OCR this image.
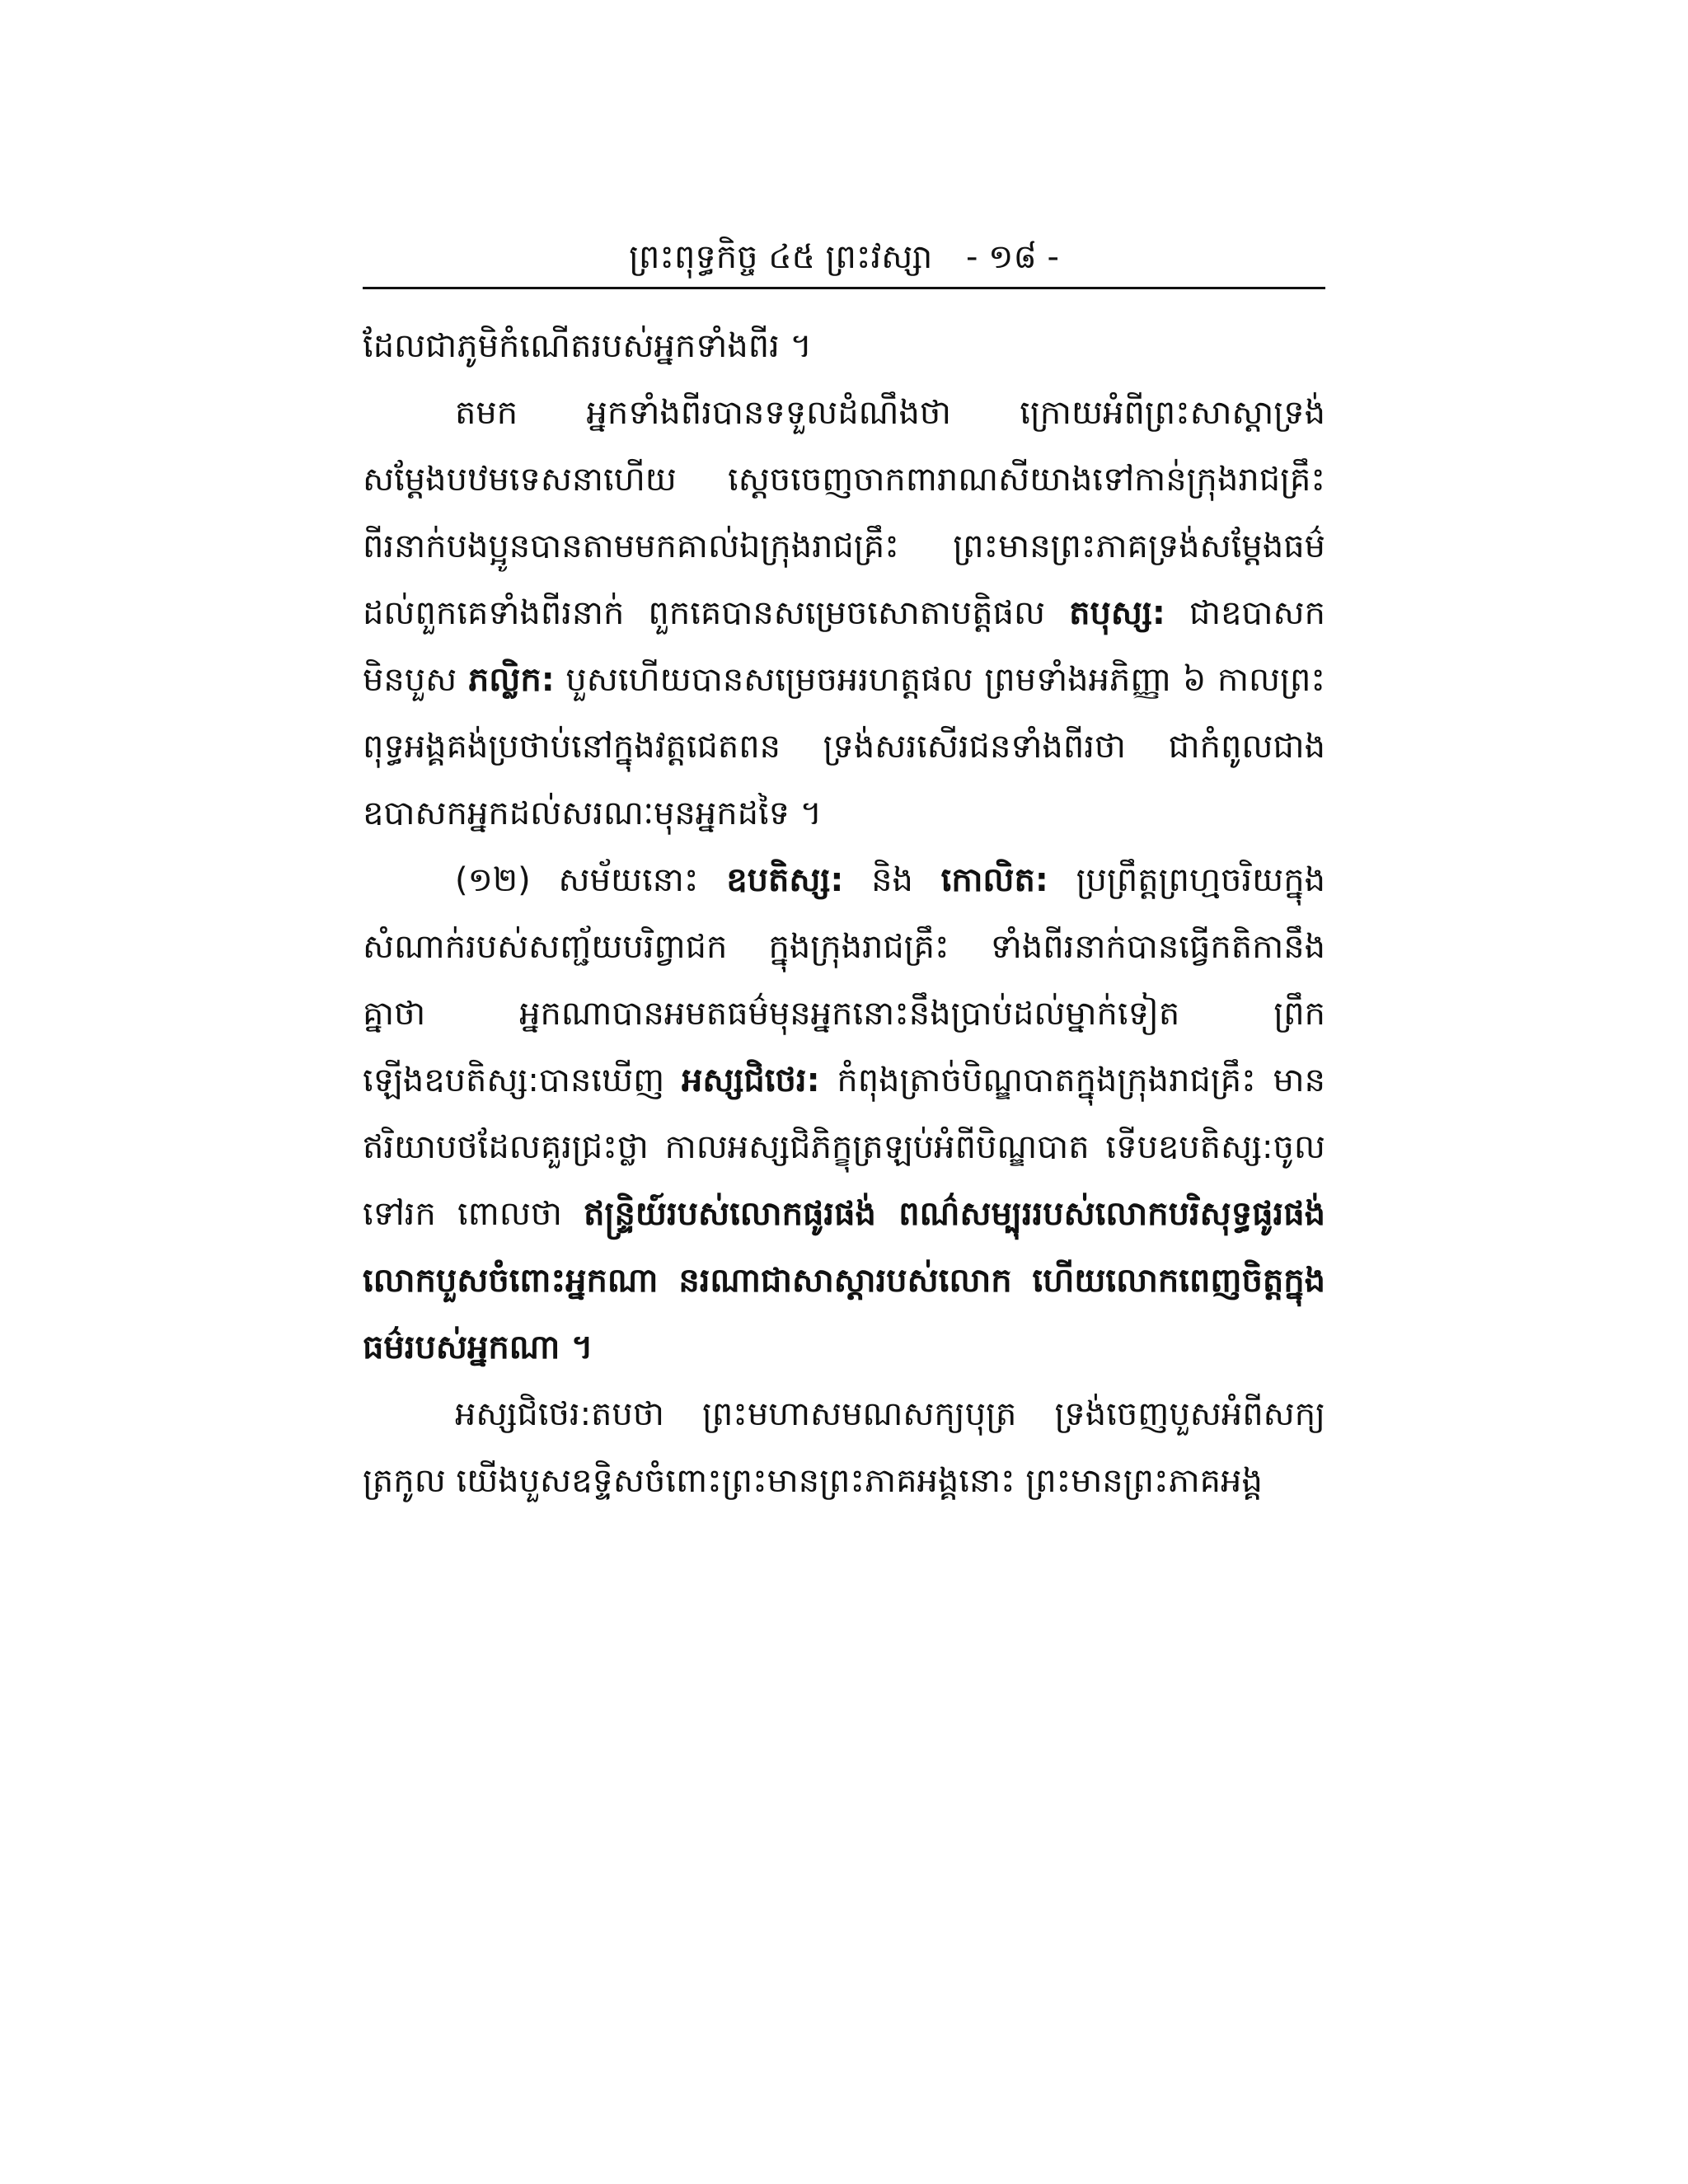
ព្រះពុទ្ធកិច្ច ៤៥ ព្រះវស្សា - ១៨ -

ដែលជាភូមិកំណើតរបស់អ្នកទាំងពីរ ។

តមក អ្នកទាំងពីរបានទទួលដំណឹងថា ក្រោយអំពីព្រះសាស្ដាទ្រង់សម្ដែងបឋមទេសនាហើយ ស្ដេចចេញចាកពារាណសីយាងទៅកាន់ក្រុងរាជគ្រឹះ ពីរនាក់បងប្អូនបានតាមមកគាល់ឯក្រុងរាជគ្រឹះ ព្រះមានព្រះភាគទ្រង់សម្ដែងធម៌ដល់ពួកគេទាំងពីរនាក់ ពួកគេបានសម្រេចសោតាបត្តិផល តបុស្ស: ជាឧបាសកមិនបួស ភល្លិក: បួសហើយបានសម្រេចអរហត្តផល ព្រមទាំងអភិញ្ញា ៦ កាលព្រះពុទ្ធអង្គគង់ប្រថាប់នៅក្នុងវត្តជេតពន ទ្រង់សរសើរជនទាំងពីរថា ជាកំពូលជាងឧបាសកអ្នកដល់សរណៈមុនអ្នកដទៃ ។

(១២) សម័យនោះ ឧបតិស្ស: និង កោលិត: ប្រព្រឹត្តព្រហ្មចរិយក្នុងសំណាក់របស់សញ្ជ័យបរិព្វាជក ក្នុងក្រុងរាជគ្រឹះ ទាំងពីរនាក់បានធ្វើកតិកានឹងគ្នាថា អ្នកណាបានអមតធម៌មុនអ្នកនោះនឹងប្រាប់ដល់ម្នាក់ទៀត ព្រឹកឡើងឧបតិស្ស:បានឃើញ អស្សជិថេរ: កំពុងត្រាច់បិណ្ឌបាតក្នុងក្រុងរាជគ្រឹះ មានឥរិយាបថដែលគួរជ្រះថ្លា កាលអស្សជិភិក្ខុត្រឡប់អំពីបិណ្ឌបាត ទើបឧបតិស្ស:ចូលទៅរក ពោលថា ឥន្ទ្រិយ៍របស់លោកផូរផង់ ពណ៌សម្បុររបស់លោកបរិសុទ្ធផូរផង់ លោកបួសចំពោះអ្នកណា នរណាជាសាស្ដារបស់លោក ហើយលោកពេញចិត្តក្នុងធម៌របស់អ្នកណា ។

អស្សជិថេរ:តបថា ព្រះមហាសមណសក្យបុត្រ ទ្រង់ចេញបួសអំពីសក្យត្រកូល យើងបួសឧទ្ទិសចំពោះព្រះមានព្រះភាគអង្គនោះ ព្រះមានព្រះភាគអង្គ
